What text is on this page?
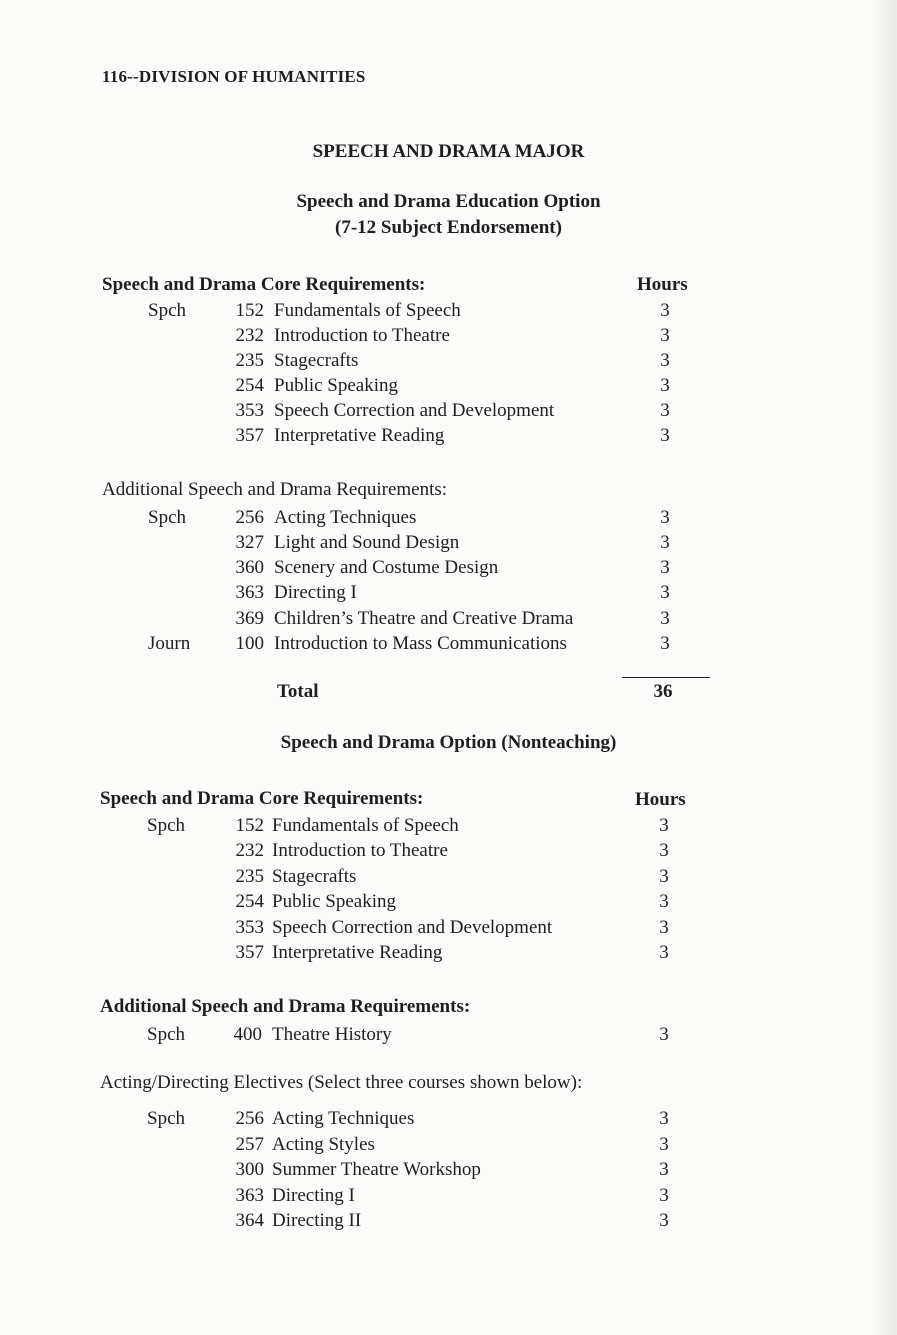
116--DIVISION OF HUMANITIES
SPEECH AND DRAMA MAJOR
Speech and Drama Education Option
(7-12 Subject Endorsement)
Speech and Drama Core Requirements:	Hours
Spch	152 Fundamentals of Speech	3
232 Introduction to Theatre	3
235 Stagecrafts	3
254 Public Speaking	3
353 Speech Correction and Development	3
357 Interpretative Reading	3
Additional Speech and Drama Requirements:
Spch	256 Acting Techniques	3
327 Light and Sound Design	3
360 Scenery and Costume Design	3
363 Directing I	3
369 Children’s Theatre and Creative Drama	3
Journ	100 Introduction to Mass Communications	3
Total	36
Speech and Drama Option (Nonteaching)
Speech and Drama Core Requirements:	Hours
Spch	152 Fundamentals of Speech	3
232 Introduction to Theatre	3
235 Stagecrafts	3
254 Public Speaking	3
353 Speech Correction and Development	3
357 Interpretative Reading	3
Additional Speech and Drama Requirements:
Spch	400 Theatre History	3
Acting/Directing Electives (Select three courses shown below):
Spch	256 Acting Techniques	3
257 Acting Styles	3
300 Summer Theatre Workshop	3
363 Directing I	3
364 Directing II	3
